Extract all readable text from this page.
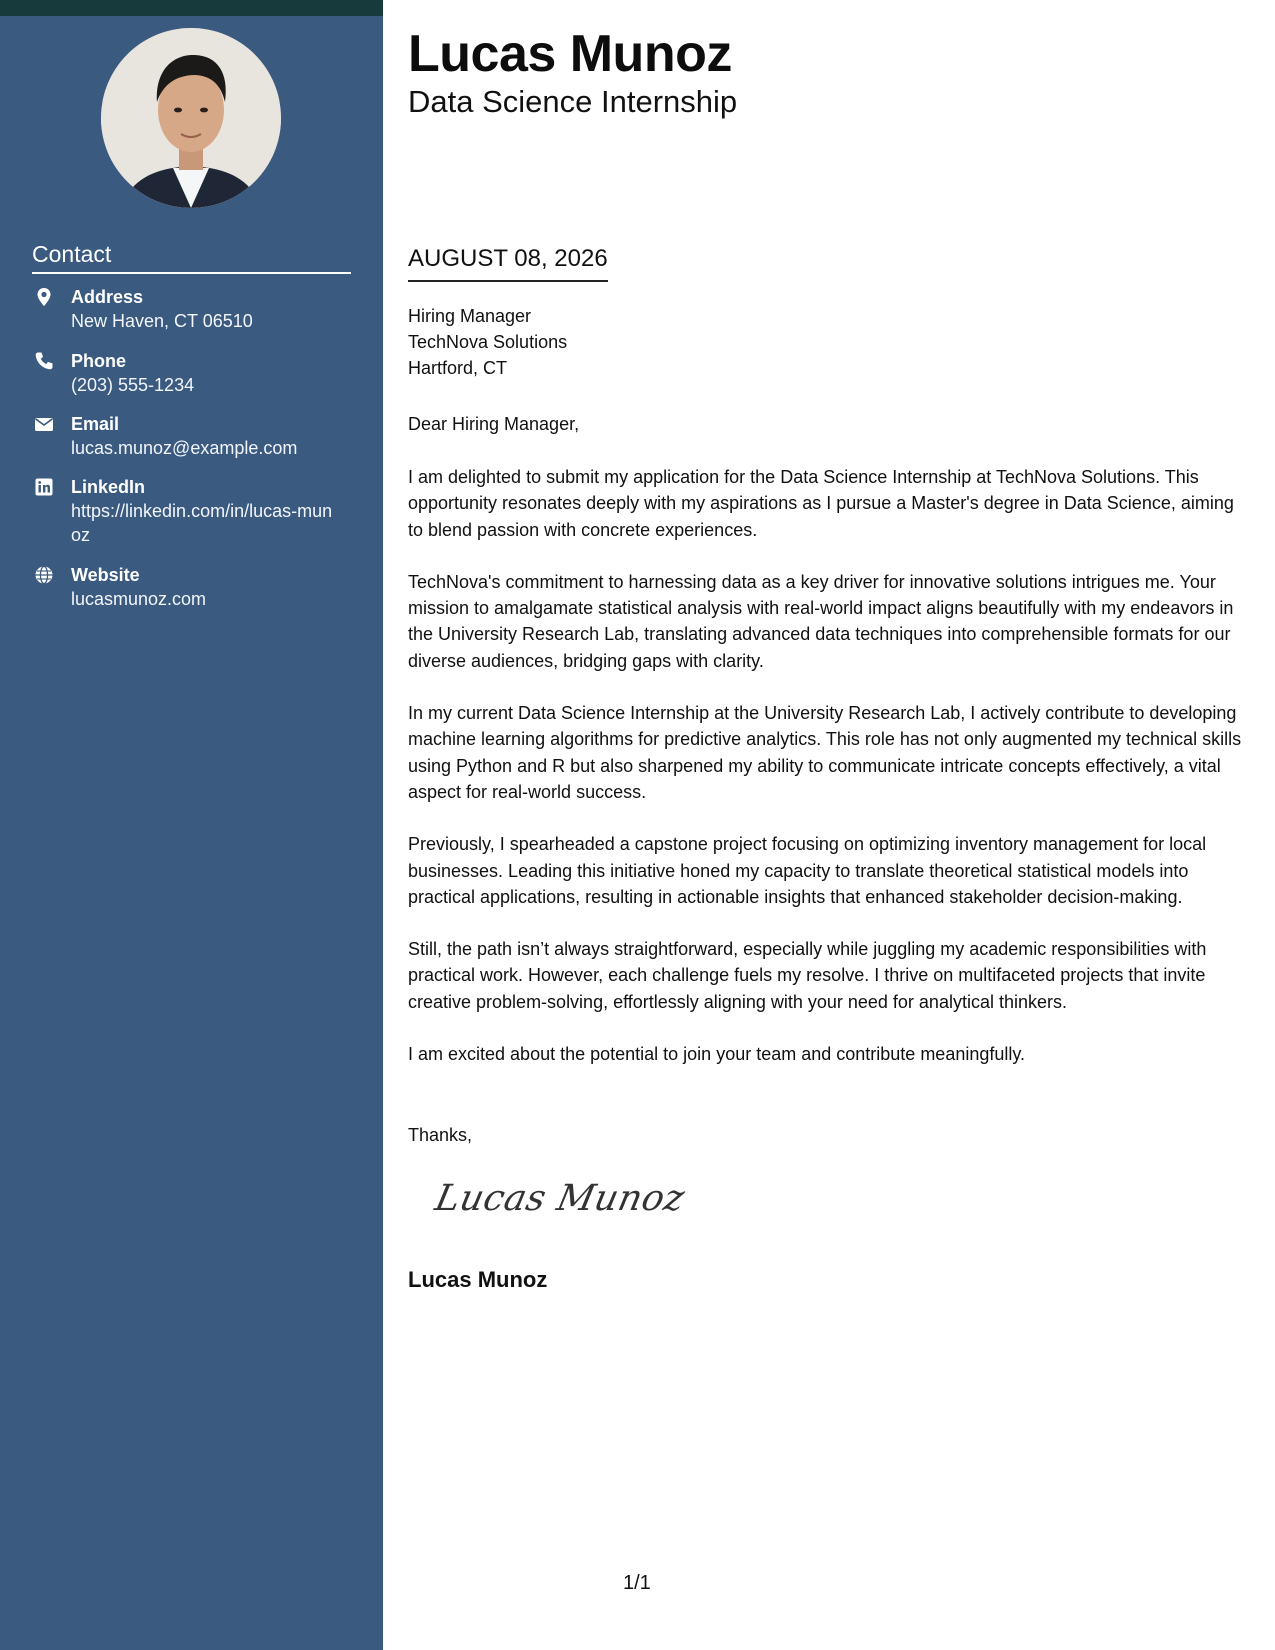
Contact
Address
New Haven, CT 06510
Phone
(203) 555-1234
Email
lucas.munoz@example.com
LinkedIn
https://linkedin.com/in/lucas-munoz
Website
lucasmunoz.com
Lucas Munoz
Data Science Internship
AUGUST 08, 2026
Hiring Manager
TechNova Solutions
Hartford, CT
Dear Hiring Manager,

I am delighted to submit my application for the Data Science Internship at TechNova Solutions. This opportunity resonates deeply with my aspirations as I pursue a Master's degree in Data Science, aiming to blend passion with concrete experiences.

TechNova's commitment to harnessing data as a key driver for innovative solutions intrigues me. Your mission to amalgamate statistical analysis with real-world impact aligns beautifully with my endeavors in the University Research Lab, translating advanced data techniques into comprehensible formats for our diverse audiences, bridging gaps with clarity.

In my current Data Science Internship at the University Research Lab, I actively contribute to developing machine learning algorithms for predictive analytics. This role has not only augmented my technical skills using Python and R but also sharpened my ability to communicate intricate concepts effectively, a vital aspect for real-world success.

Previously, I spearheaded a capstone project focusing on optimizing inventory management for local businesses. Leading this initiative honed my capacity to translate theoretical statistical models into practical applications, resulting in actionable insights that enhanced stakeholder decision-making.

Still, the path isn’t always straightforward, especially while juggling my academic responsibilities with practical work. However, each challenge fuels my resolve. I thrive on multifaceted projects that invite creative problem-solving, effortlessly aligning with your need for analytical thinkers.

I am excited about the potential to join your team and contribute meaningfully.

Thanks,
Lucas Munoz
Lucas Munoz
1/1
